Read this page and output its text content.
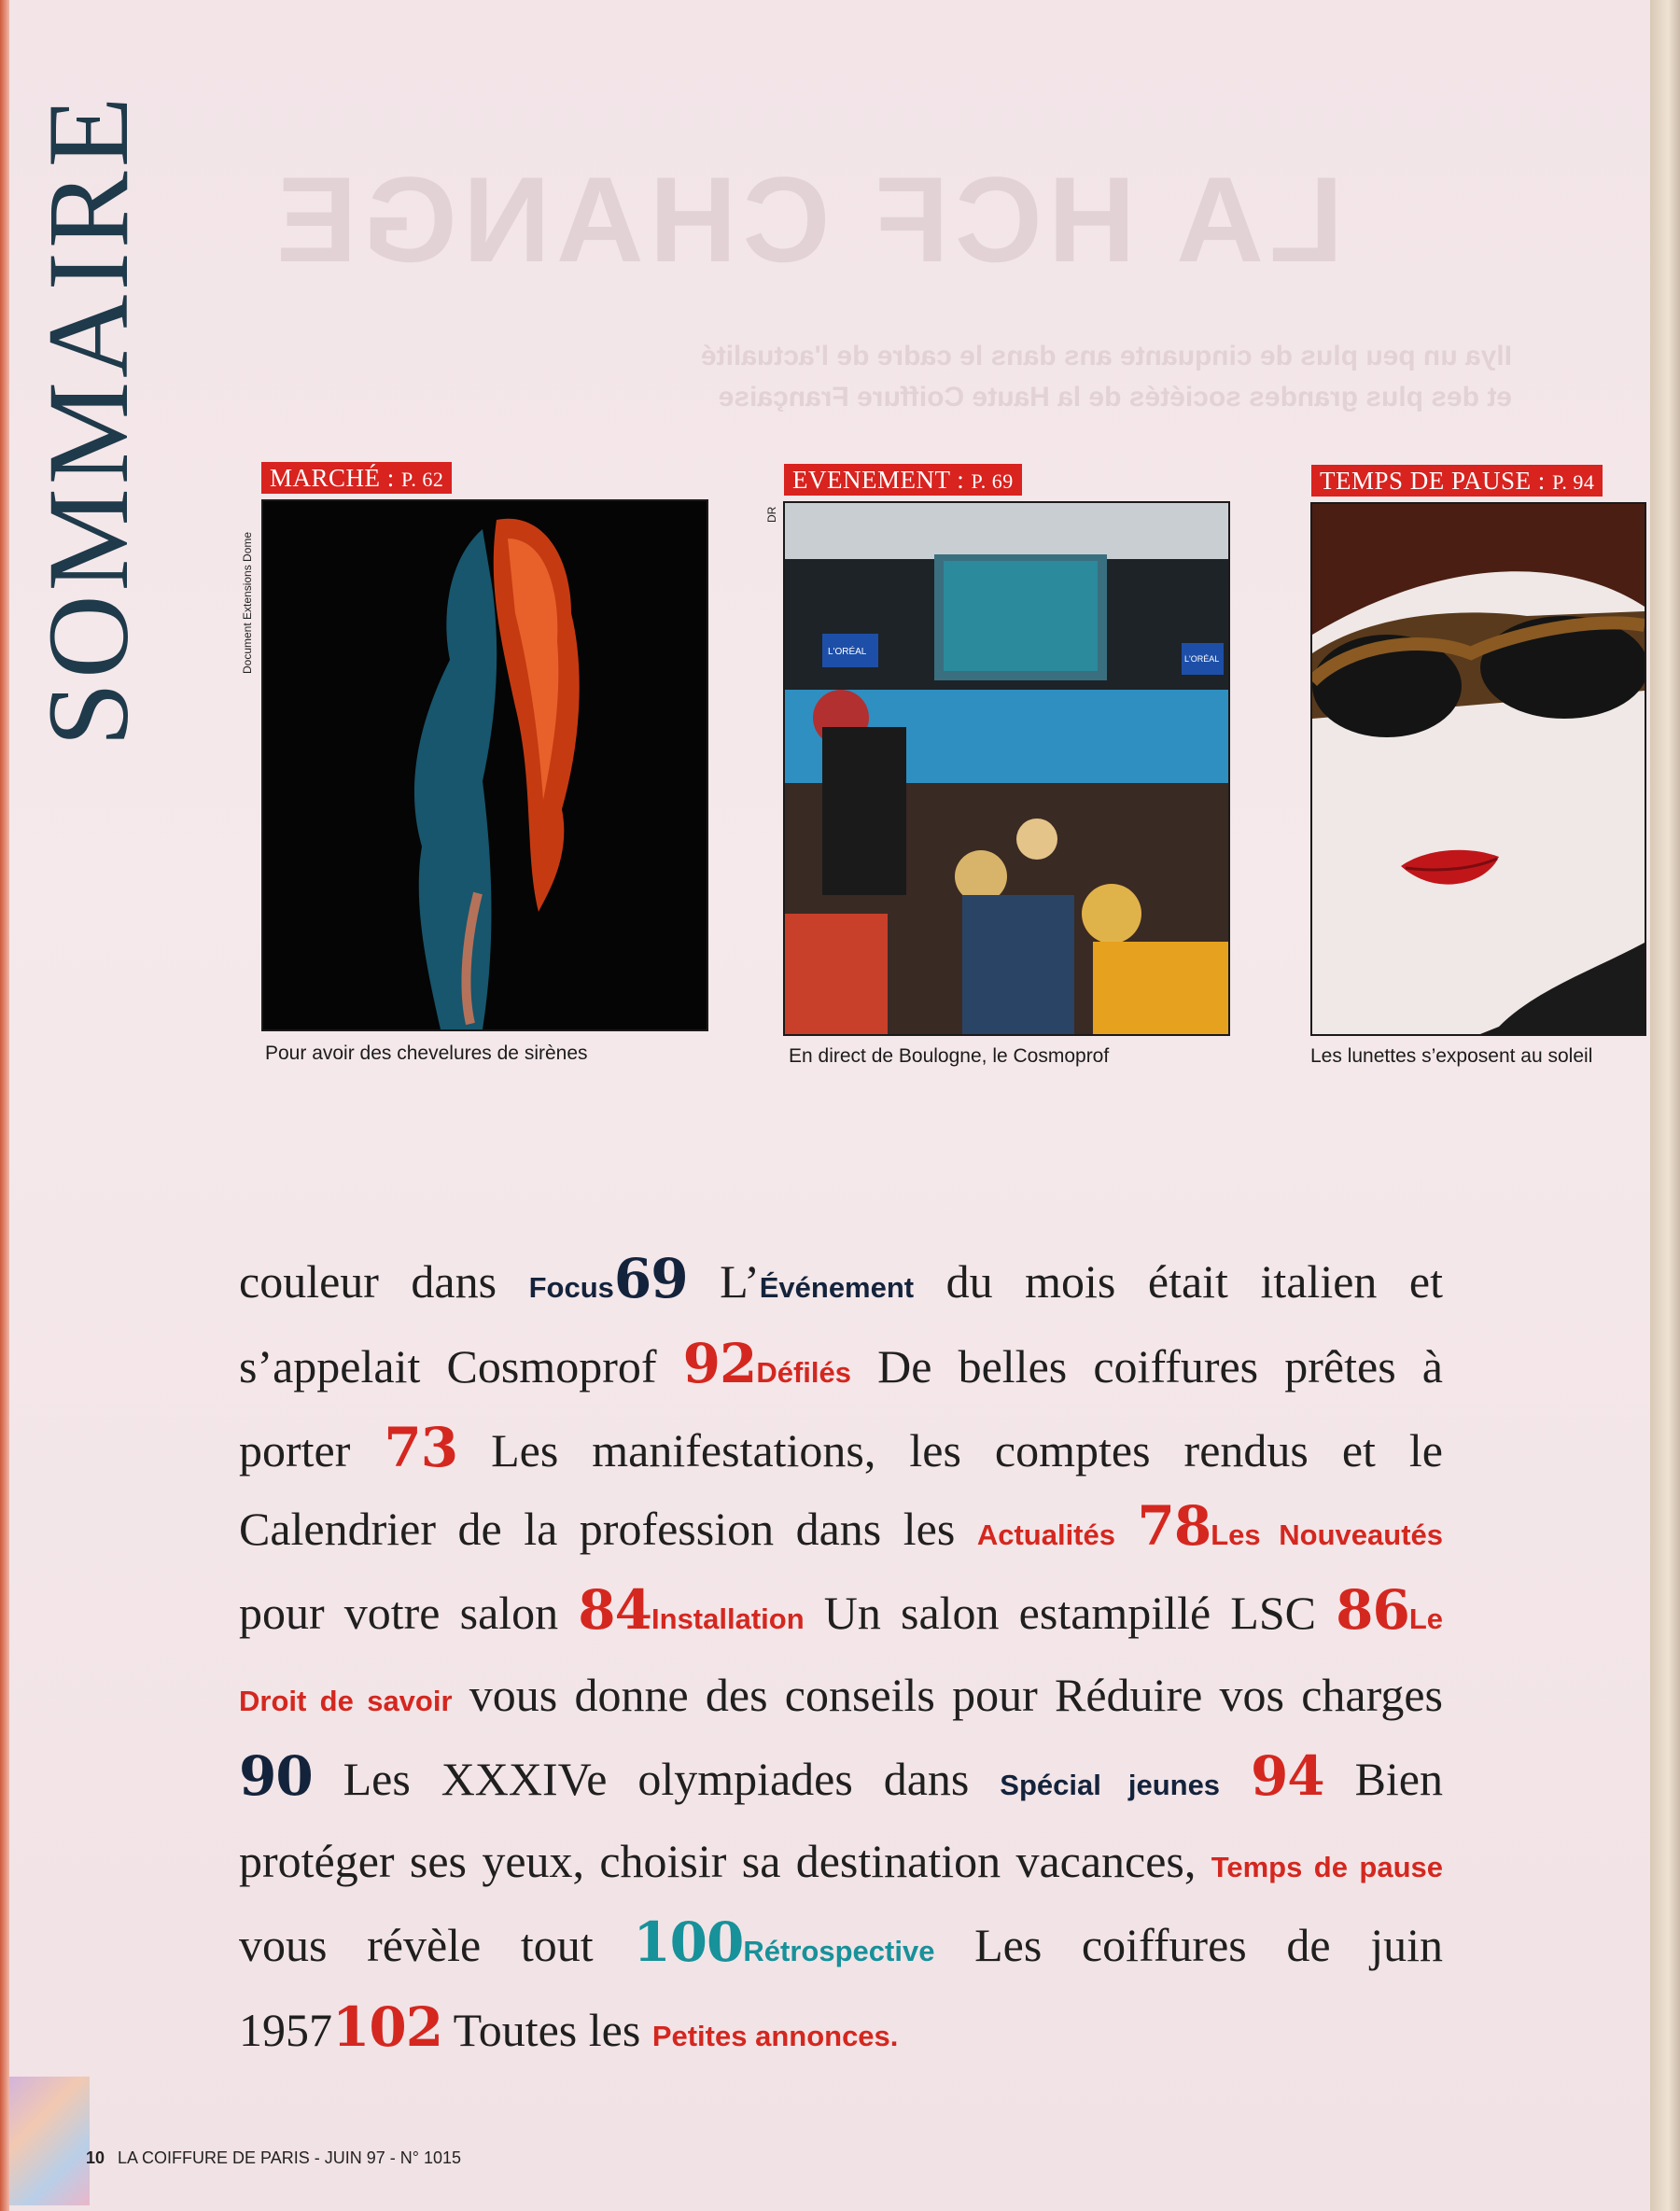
LA HCF CHANGE
Ilya un peu plus de cinquante ans dans le cadre de l'actualité et des plus grandes sociétés de la Haute Coiffure Française
SOMMAIRE	MARCHÉ : P. 62
Document Extensions Dome
Pour avoir des chevelures de sirènes
EVENEMENT : P. 69
DR
L'ORÉAL
L'ORÉAL
En direct de Boulogne, le Cosmoprof
TEMPS DE PAUSE : P. 94
Les lunettes s’exposent au soleil
couleur dans Focus69 L’Événement du mois était italien et s’appelait Cosmoprof 92Défilés De belles coiffures prêtes à porter 73 Les manifestations, les comptes rendus et le Calendrier de la profession dans les Actualités 78Les Nouveautés pour votre salon 84Installation Un salon estampillé LSC 86Le Droit de savoir vous donne des conseils pour Réduire vos charges 90 Les XXXIVe olympiades dans Spécial jeunes 94 Bien protéger ses yeux, choisir sa destination vacances, Temps de pause vous révèle tout 100Rétrospective Les coiffures de juin 1957102 Toutes les Petites annonces.
10 LA COIFFURE DE PARIS - JUIN 97 - N° 1015
